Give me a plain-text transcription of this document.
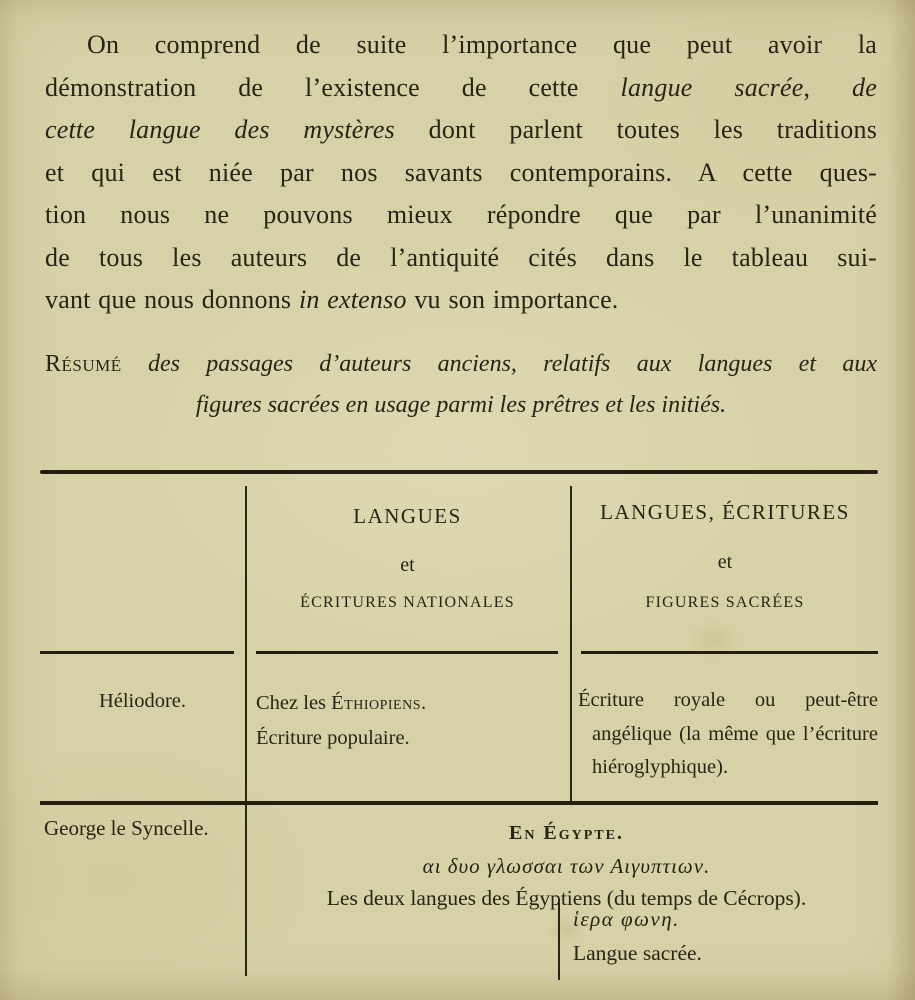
On comprend de suite l’importance que peut avoir la
démonstration de l’existence de cette langue sacrée, de
cette langue des mystères dont parlent toutes les traditions
et qui est niée par nos savants contemporains. A cette ques-
tion nous ne pouvons mieux répondre que par l’unanimité
de tous les auteurs de l’antiquité cités dans le tableau sui-
vant que nous donnons in extenso vu son importance.
Résumé des passages d’auteurs anciens, relatifs aux langues et aux
figures sacrées en usage parmi les prêtres et les initiés.
LANGUES
et
ÉCRITURES NATIONALES
LANGUES, ÉCRITURES
et
FIGURES SACRÉES
Héliodore.	Chez les Éthiopiens.
Écriture populaire.
Écriture royale ou peut-être angélique (la même que l’écriture hiéroglyphique).
George le Syncelle.	En Égypte.
αι δυο γλωσσαι των Αιγυπτιων.
Les deux langues des Égyptiens (du temps de Cécrops).
ἱερα φωνη.
Langue sacrée.
